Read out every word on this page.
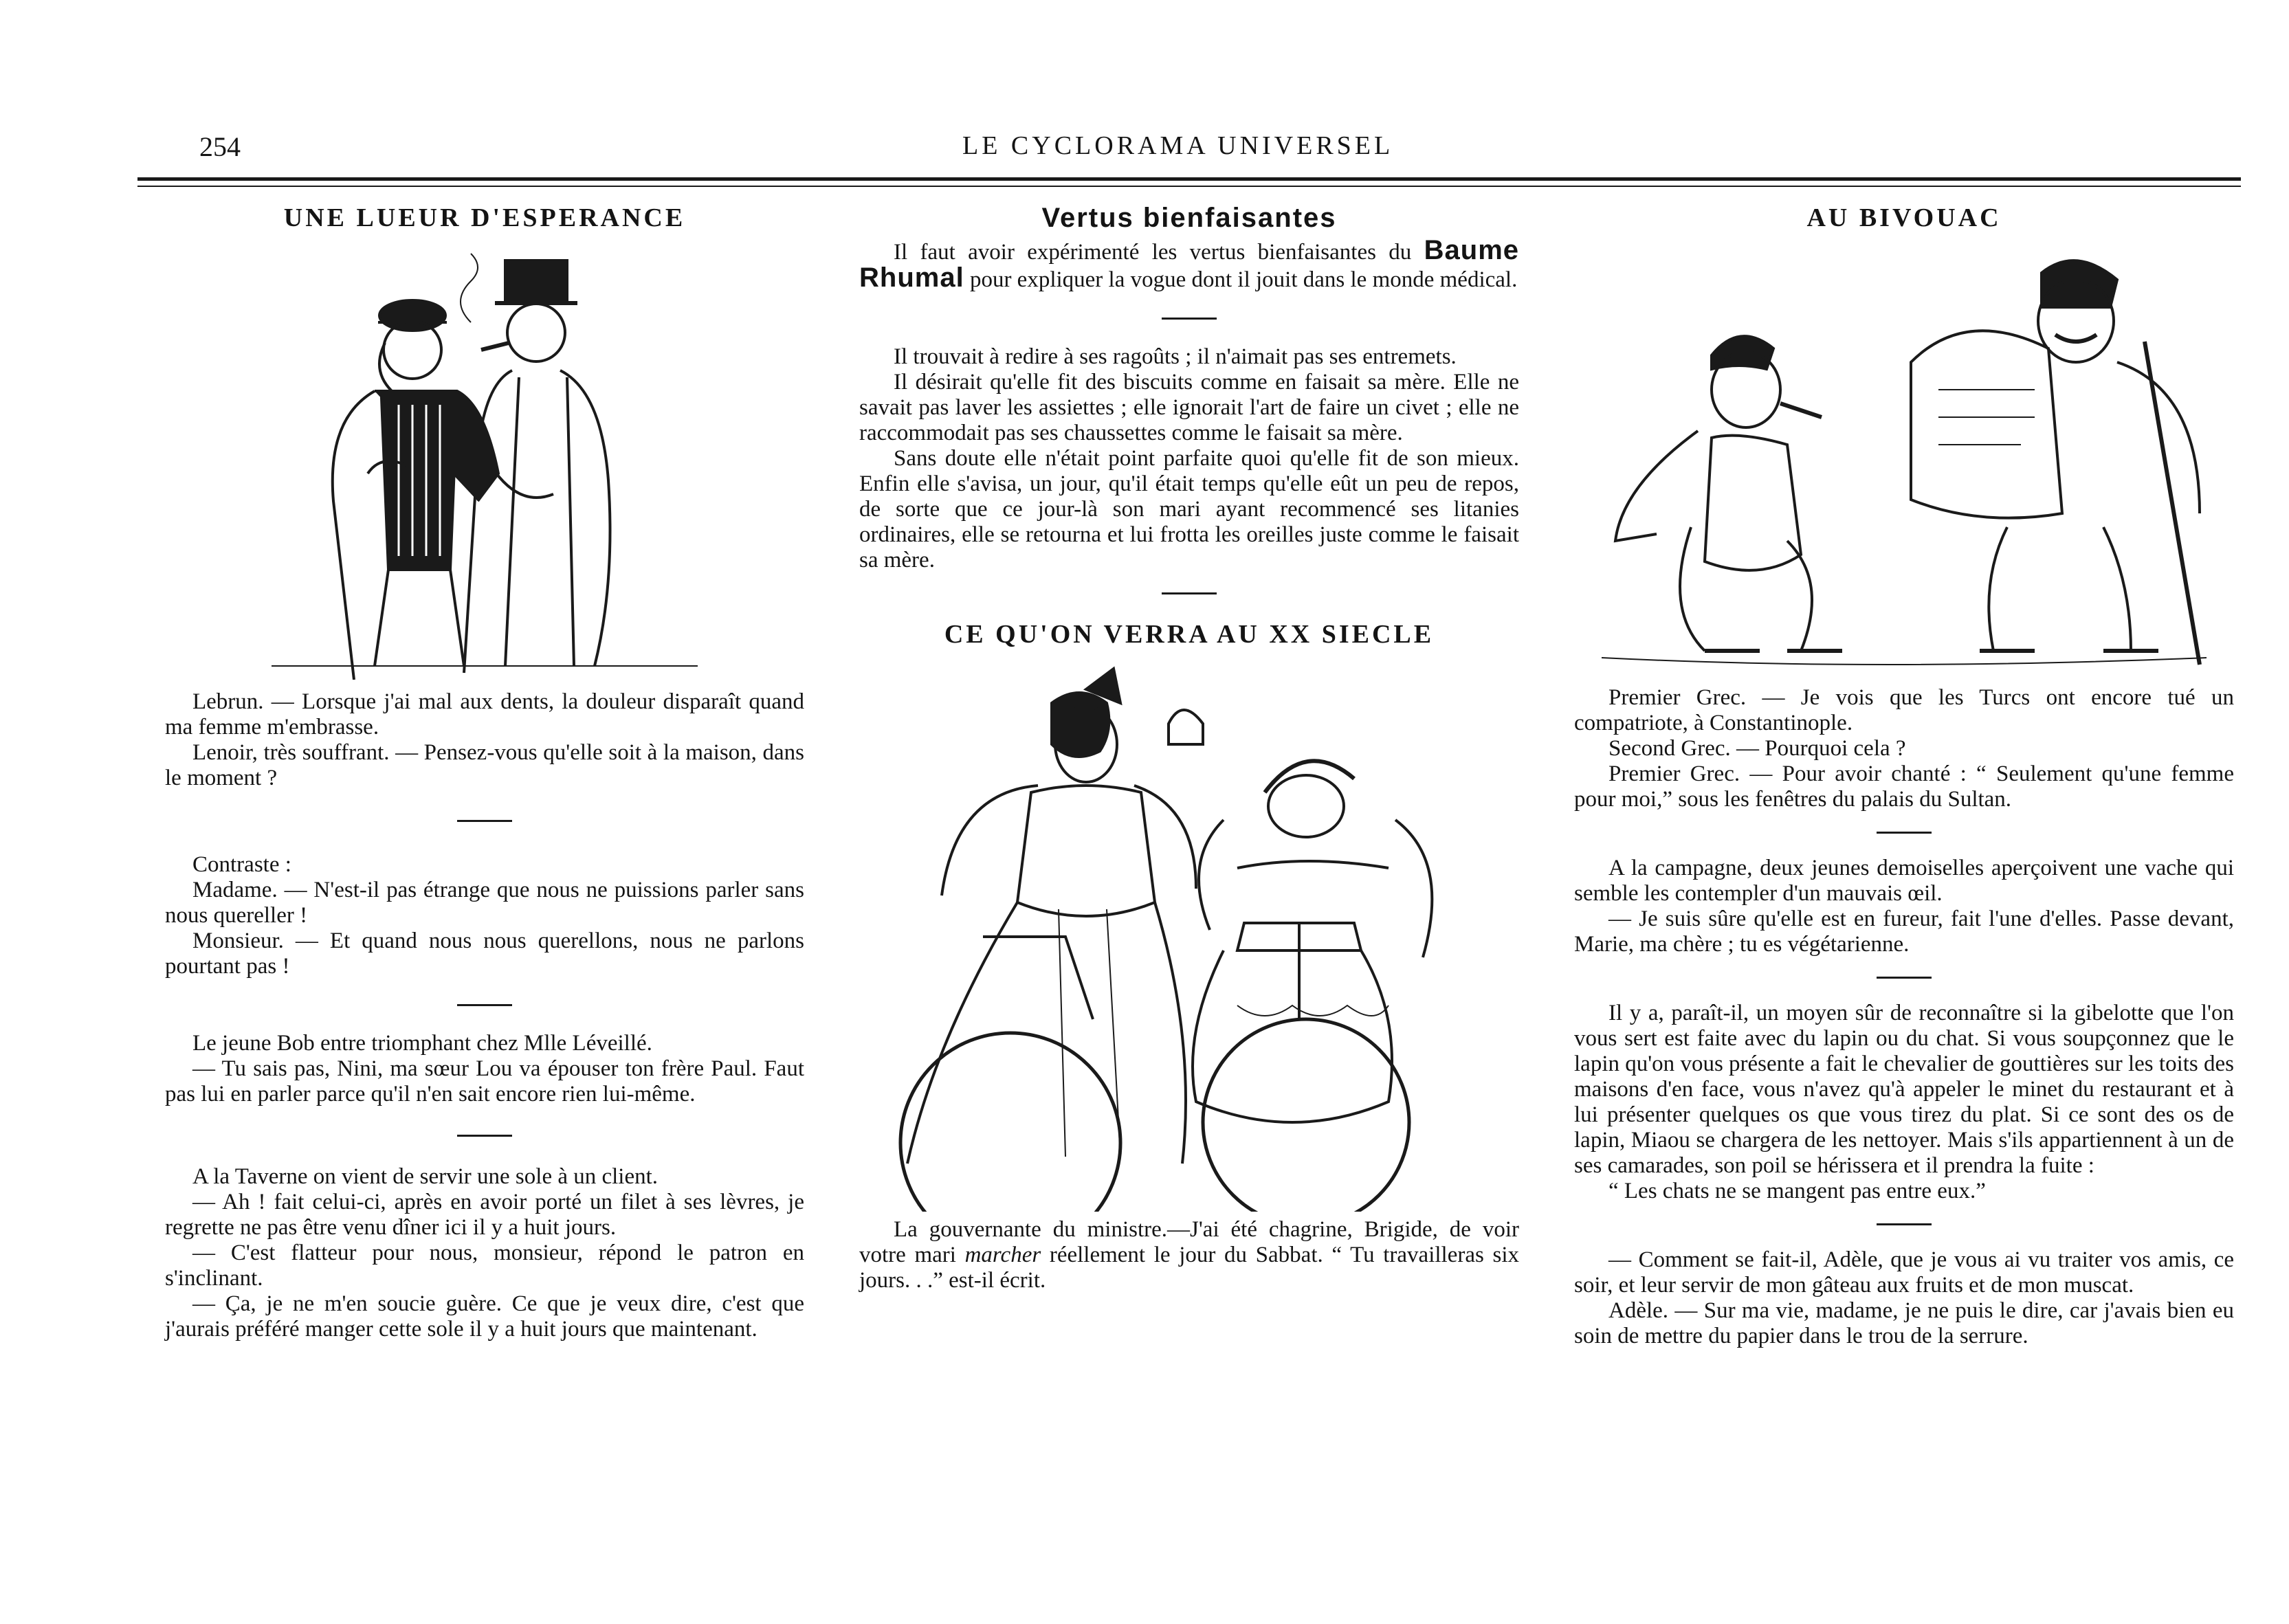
254	LE CYCLORAMA UNIVERSEL
UNE LUEUR D'ESPERANCE

Lebrun. — Lorsque j'ai mal aux dents, la douleur disparaît quand ma femme m'embrasse.

Lenoir, très souffrant. — Pensez-vous qu'elle soit à la maison, dans le moment ?

Contraste :

Madame. — N'est-il pas étrange que nous ne puissions parler sans nous quereller !

Monsieur. — Et quand nous nous querellons, nous ne parlons pourtant pas !

Le jeune Bob entre triomphant chez Mlle Léveillé.

— Tu sais pas, Nini, ma sœur Lou va épouser ton frère Paul. Faut pas lui en parler parce qu'il n'en sait encore rien lui-même.

A la Taverne on vient de servir une sole à un client.

— Ah ! fait celui-ci, après en avoir porté un filet à ses lèvres, je regrette ne pas être venu dîner ici il y a huit jours.

— C'est flatteur pour nous, monsieur, répond le patron en s'inclinant.

— Ça, je ne m'en soucie guère. Ce que je veux dire, c'est que j'aurais préféré manger cette sole il y a huit jours que maintenant.

Vertus bienfaisantes

Il faut avoir expérimenté les vertus bienfaisantes du Baume Rhumal pour expliquer la vogue dont il jouit dans le monde médical.

Il trouvait à redire à ses ragoûts ; il n'aimait pas ses entremets.

Il désirait qu'elle fit des biscuits comme en faisait sa mère. Elle ne savait pas laver les assiettes ; elle ignorait l'art de faire un civet ; elle ne raccommodait pas ses chaussettes comme le faisait sa mère.

Sans doute elle n'était point parfaite quoi qu'elle fit de son mieux. Enfin elle s'avisa, un jour, qu'il était temps qu'elle eût un peu de repos, de sorte que ce jour-là son mari ayant recommencé ses litanies ordinaires, elle se retourna et lui frotta les oreilles juste comme le faisait sa mère.

CE QU'ON VERRA AU XX SIECLE

La gouvernante du ministre.—J'ai été chagrine, Brigide, de voir votre mari marcher réellement le jour du Sabbat. “ Tu travailleras six jours. . .” est-il écrit.

AU BIVOUAC

Premier Grec. — Je vois que les Turcs ont encore tué un compatriote, à Constantinople.

Second Grec. — Pourquoi cela ?

Premier Grec. — Pour avoir chanté : “ Seulement qu'une femme pour moi,” sous les fenêtres du palais du Sultan.

A la campagne, deux jeunes demoiselles aperçoivent une vache qui semble les contempler d'un mauvais œil.

— Je suis sûre qu'elle est en fureur, fait l'une d'elles. Passe devant, Marie, ma chère ; tu es végétarienne.

Il y a, paraît-il, un moyen sûr de reconnaître si la gibelotte que l'on vous sert est faite avec du lapin ou du chat. Si vous soupçonnez que le lapin qu'on vous présente a fait le chevalier de gouttières sur les toits des maisons d'en face, vous n'avez qu'à appeler le minet du restaurant et à lui présenter quelques os que vous tirez du plat. Si ce sont des os de lapin, Miaou se chargera de les nettoyer. Mais s'ils appartiennent à un de ses camarades, son poil se hérissera et il prendra la fuite :

“ Les chats ne se mangent pas entre eux.”

— Comment se fait-il, Adèle, que je vous ai vu traiter vos amis, ce soir, et leur servir de mon gâteau aux fruits et de mon muscat.

Adèle. — Sur ma vie, madame, je ne puis le dire, car j'avais bien eu soin de mettre du papier dans le trou de la serrure.
